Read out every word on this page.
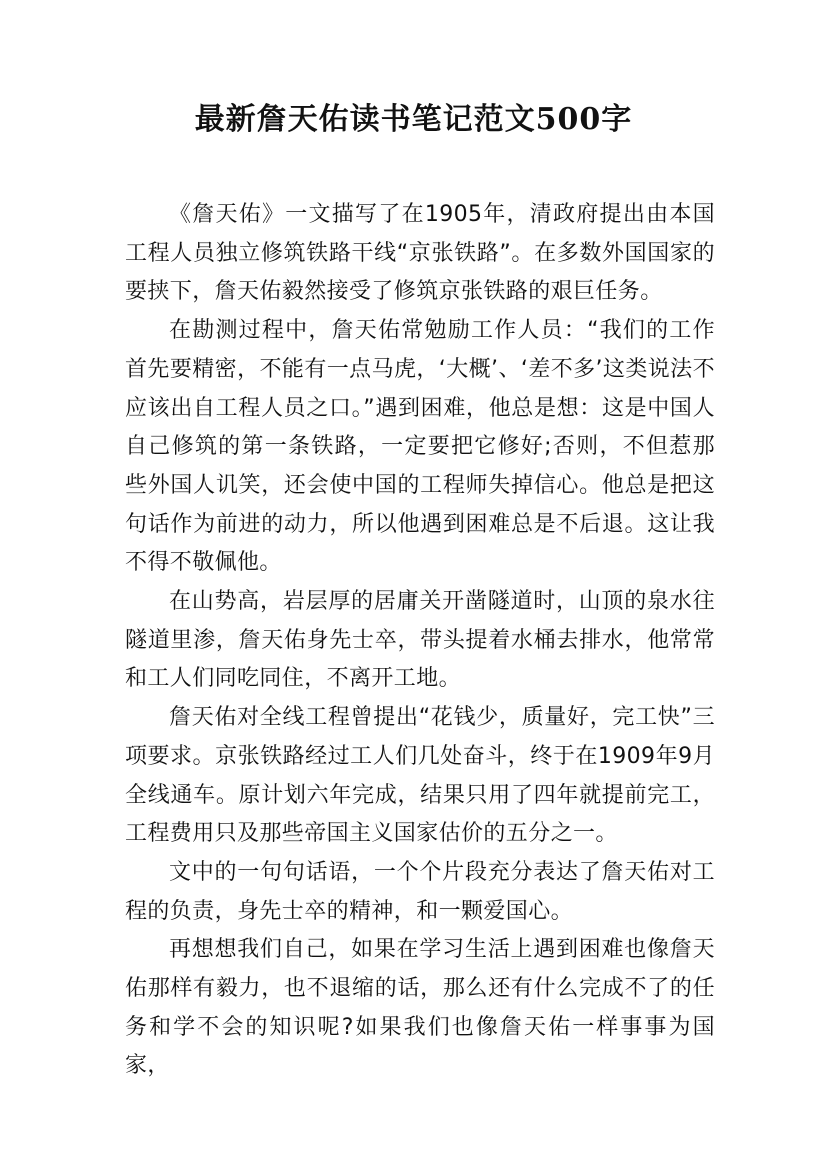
最新詹天佑读书笔记范文500字

《詹天佑》一文描写了在1905年，清政府提出由本国工程人员独立修筑铁路干线“京张铁路”。在多数外国国家的要挟下，詹天佑毅然接受了修筑京张铁路的艰巨任务。

在勘测过程中，詹天佑常勉励工作人员：“我们的工作首先要精密，不能有一点马虎，‘大概’、‘差不多’这类说法不应该出自工程人员之口。”遇到困难，他总是想：这是中国人自己修筑的第一条铁路，一定要把它修好;否则，不但惹那些外国人讥笑，还会使中国的工程师失掉信心。他总是把这句话作为前进的动力，所以他遇到困难总是不后退。这让我不得不敬佩他。

在山势高，岩层厚的居庸关开凿隧道时，山顶的泉水往隧道里渗，詹天佑身先士卒，带头提着水桶去排水，他常常和工人们同吃同住，不离开工地。

詹天佑对全线工程曾提出“花钱少，质量好，完工快”三项要求。京张铁路经过工人们几处奋斗，终于在1909年9月全线通车。原计划六年完成，结果只用了四年就提前完工，工程费用只及那些帝国主义国家估价的五分之一。

文中的一句句话语，一个个片段充分表达了詹天佑对工程的负责，身先士卒的精神，和一颗爱国心。

再想想我们自己，如果在学习生活上遇到困难也像詹天佑那样有毅力，也不退缩的话，那么还有什么完成不了的任务和学不会的知识呢?如果我们也像詹天佑一样事事为国家，
